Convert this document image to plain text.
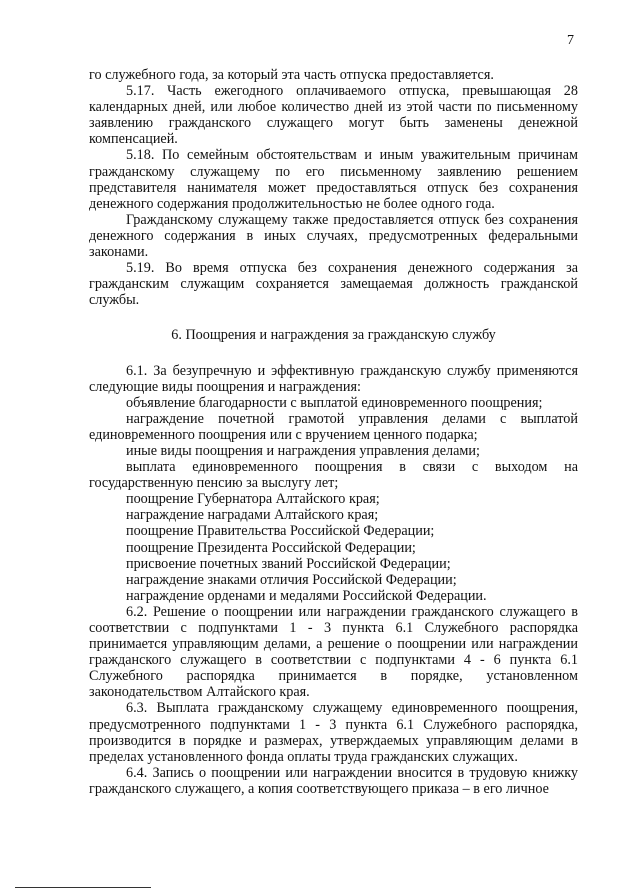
7

го служебного года, за который эта часть отпуска предоставляется.

5.17. Часть ежегодного оплачиваемого отпуска, превышающая 28 календарных дней, или любое количество дней из этой части по письменному заявлению гражданского служащего могут быть заменены денежной компенсацией.

5.18. По семейным обстоятельствам и иным уважительным причинам гражданскому служащему по его письменному заявлению решением представителя нанимателя может предоставляться отпуск без сохранения денежного содержания продолжительностью не более одного года.

Гражданскому служащему также предоставляется отпуск без сохранения денежного содержания в иных случаях, предусмотренных федеральными законами.

5.19. Во время отпуска без сохранения денежного содержания за гражданским служащим сохраняется замещаемая должность гражданской службы.

6. Поощрения и награждения за гражданскую службу

6.1. За безупречную и эффективную гражданскую службу применяются следующие виды поощрения и награждения:

объявление благодарности с выплатой единовременного поощрения;

награждение почетной грамотой управления делами с выплатой единовременного поощрения или с вручением ценного подарка;

иные виды поощрения и награждения управления делами;

выплата единовременного поощрения в связи с выходом на государственную пенсию за выслугу лет;

поощрение Губернатора Алтайского края;

награждение наградами Алтайского края;

поощрение Правительства Российской Федерации;

поощрение Президента Российской Федерации;

присвоение почетных званий Российской Федерации;

награждение знаками отличия Российской Федерации;

награждение орденами и медалями Российской Федерации.

6.2. Решение о поощрении или награждении гражданского служащего в соответствии с подпунктами 1 - 3 пункта 6.1 Служебного распорядка принимается управляющим делами, а решение о поощрении или награждении гражданского служащего в соответствии с подпунктами 4 - 6 пункта 6.1 Служебного распорядка принимается в порядке, установленном законодательством Алтайского края.

6.3. Выплата гражданскому служащему единовременного поощрения, предусмотренного подпунктами 1 - 3 пункта 6.1 Служебного распорядка, производится в порядке и размерах, утверждаемых управляющим делами в пределах установленного фонда оплаты труда гражданских служащих.

6.4. Запись о поощрении или награждении вносится в трудовую книжку гражданского служащего, а копия соответствующего приказа – в его личное
